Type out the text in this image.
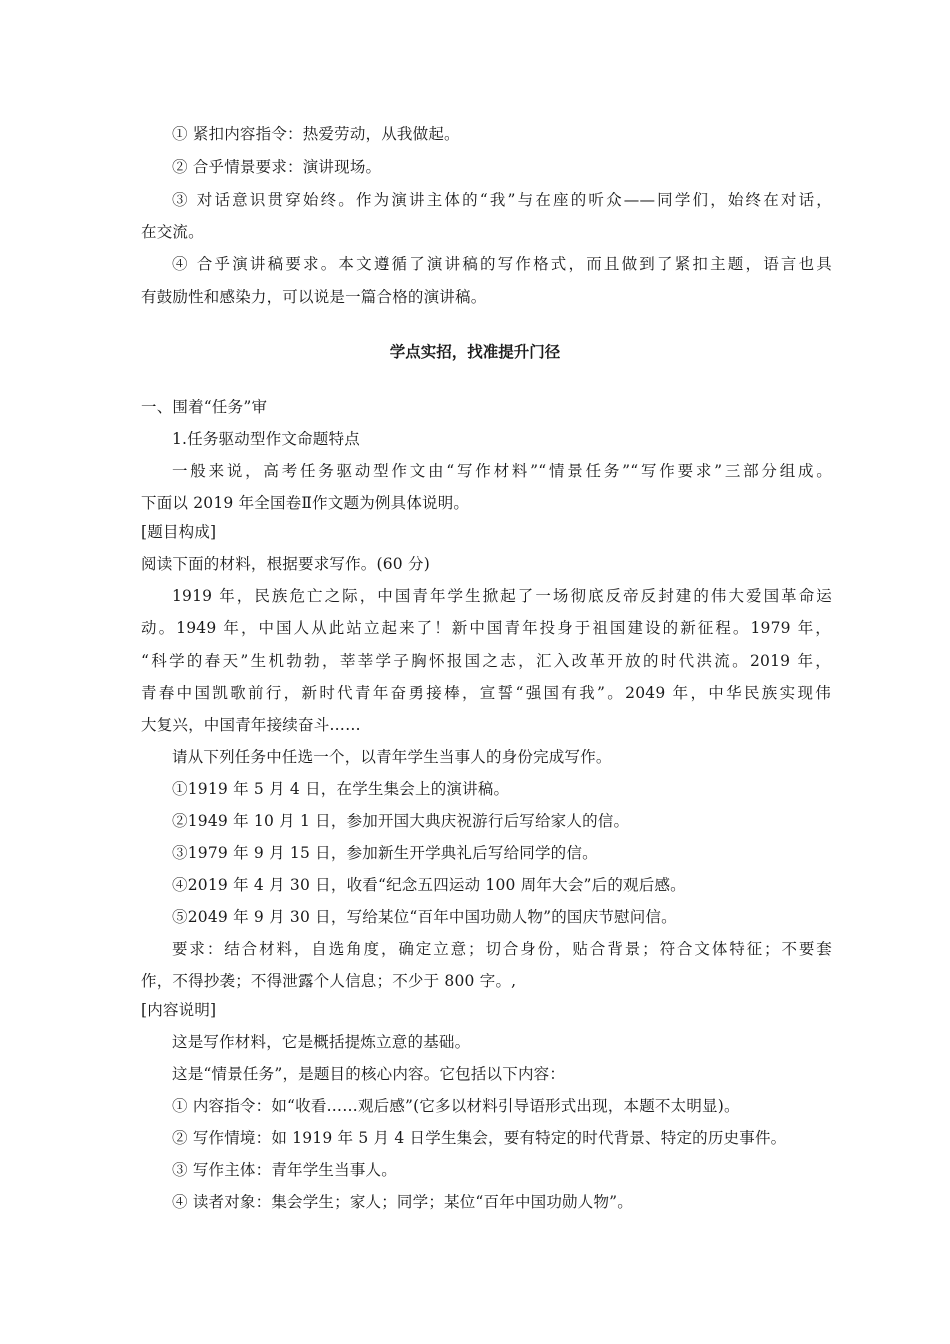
① 紧扣内容指令：热爱劳动，从我做起。
② 合乎情景要求：演讲现场。
③ 对话意识贯穿始终。作为演讲主体的“我”与在座的听众——同学们，始终在对话，
在交流。
④ 合乎演讲稿要求。本文遵循了演讲稿的写作格式，而且做到了紧扣主题，语言也具
有鼓励性和感染力，可以说是一篇合格的演讲稿。
学点实招，找准提升门径
一、围着“任务”审
1.任务驱动型作文命题特点
一般来说，高考任务驱动型作文由“写作材料”“情景任务”“写作要求”三部分组成。
下面以 2019 年全国卷Ⅱ作文题为例具体说明。
[题目构成]
阅读下面的材料，根据要求写作。(60 分)
1919 年，民族危亡之际，中国青年学生掀起了一场彻底反帝反封建的伟大爱国革命运
动。1949 年，中国人从此站立起来了！新中国青年投身于祖国建设的新征程。1979 年，
“科学的春天”生机勃勃，莘莘学子胸怀报国之志，汇入改革开放的时代洪流。2019 年，
青春中国凯歌前行，新时代青年奋勇接棒，宣誓“强国有我”。2049 年，中华民族实现伟
大复兴，中国青年接续奋斗……
请从下列任务中任选一个，以青年学生当事人的身份完成写作。
①1919 年 5 月 4 日，在学生集会上的演讲稿。
②1949 年 10 月 1 日，参加开国大典庆祝游行后写给家人的信。
③1979 年 9 月 15 日，参加新生开学典礼后写给同学的信。
④2019 年 4 月 30 日，收看“纪念五四运动 100 周年大会”后的观后感。
⑤2049 年 9 月 30 日，写给某位“百年中国功勋人物”的国庆节慰问信。
要求：结合材料，自选角度，确定立意；切合身份，贴合背景；符合文体特征；不要套
作，不得抄袭；不得泄露个人信息；不少于 800 字。,
[内容说明]
这是写作材料，它是概括提炼立意的基础。
这是“情景任务”，是题目的核心内容。它包括以下内容：
① 内容指令：如“收看……观后感”(它多以材料引导语形式出现，本题不太明显)。
② 写作情境：如 1919 年 5 月 4 日学生集会，要有特定的时代背景、特定的历史事件。
③ 写作主体：青年学生当事人。
④ 读者对象：集会学生；家人；同学；某位“百年中国功勋人物”。
